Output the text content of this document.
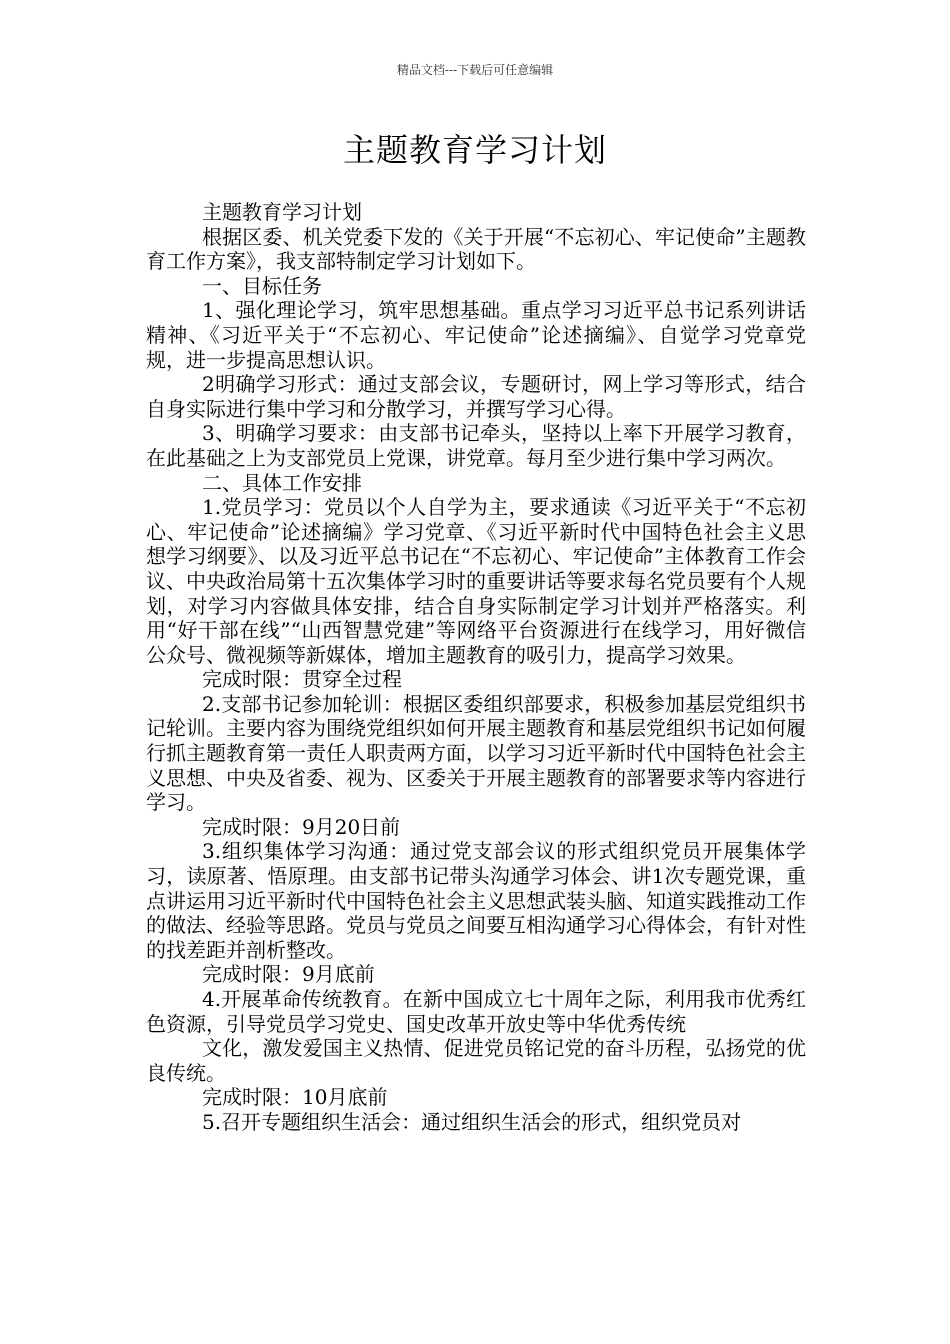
精品文档---下载后可任意编辑
主题教育学习计划

主题教育学习计划

根据区委、机关党委下发的《关于开展“不忘初心、牢记使命”主题教育工作方案》，我支部特制定学习计划如下。

一、目标任务

1、强化理论学习，筑牢思想基础。重点学习习近平总书记系列讲话精神、《习近平关于“不忘初心、牢记使命”论述摘编》、自觉学习党章党规，进一步提高思想认识。

2明确学习形式：通过支部会议，专题研讨，网上学习等形式，结合自身实际进行集中学习和分散学习，并撰写学习心得。

3、明确学习要求：由支部书记牵头，坚持以上率下开展学习教育，在此基础之上为支部党员上党课，讲党章。每月至少进行集中学习两次。

二、具体工作安排

1.党员学习：党员以个人自学为主，要求通读《习近平关于“不忘初心、牢记使命”论述摘编》学习党章、《习近平新时代中国特色社会主义思想学习纲要》、以及习近平总书记在“不忘初心、牢记使命”主体教育工作会议、中央政治局第十五次集体学习时的重要讲话等要求每名党员要有个人规划，对学习内容做具体安排，结合自身实际制定学习计划并严格落实。利用“好干部在线”“山西智慧党建”等网络平台资源进行在线学习，用好微信公众号、微视频等新媒体，增加主题教育的吸引力，提高学习效果。

完成时限：贯穿全过程

2.支部书记参加轮训：根据区委组织部要求，积极参加基层党组织书记轮训。主要内容为围绕党组织如何开展主题教育和基层党组织书记如何履行抓主题教育第一责任人职责两方面，以学习习近平新时代中国特色社会主义思想、中央及省委、视为、区委关于开展主题教育的部署要求等内容进行学习。

完成时限：9月20日前

3.组织集体学习沟通：通过党支部会议的形式组织党员开展集体学习，读原著、悟原理。由支部书记带头沟通学习体会、讲1次专题党课，重点讲运用习近平新时代中国特色社会主义思想武装头脑、知道实践推动工作的做法、经验等思路。党员与党员之间要互相沟通学习心得体会，有针对性的找差距并剖析整改。

完成时限：9月底前

4.开展革命传统教育。在新中国成立七十周年之际，利用我市优秀红色资源，引导党员学习党史、国史改革开放史等中华优秀传统

文化，激发爱国主义热情、促进党员铭记党的奋斗历程，弘扬党的优良传统。

完成时限：10月底前

5.召开专题组织生活会：通过组织生活会的形式，组织党员对
